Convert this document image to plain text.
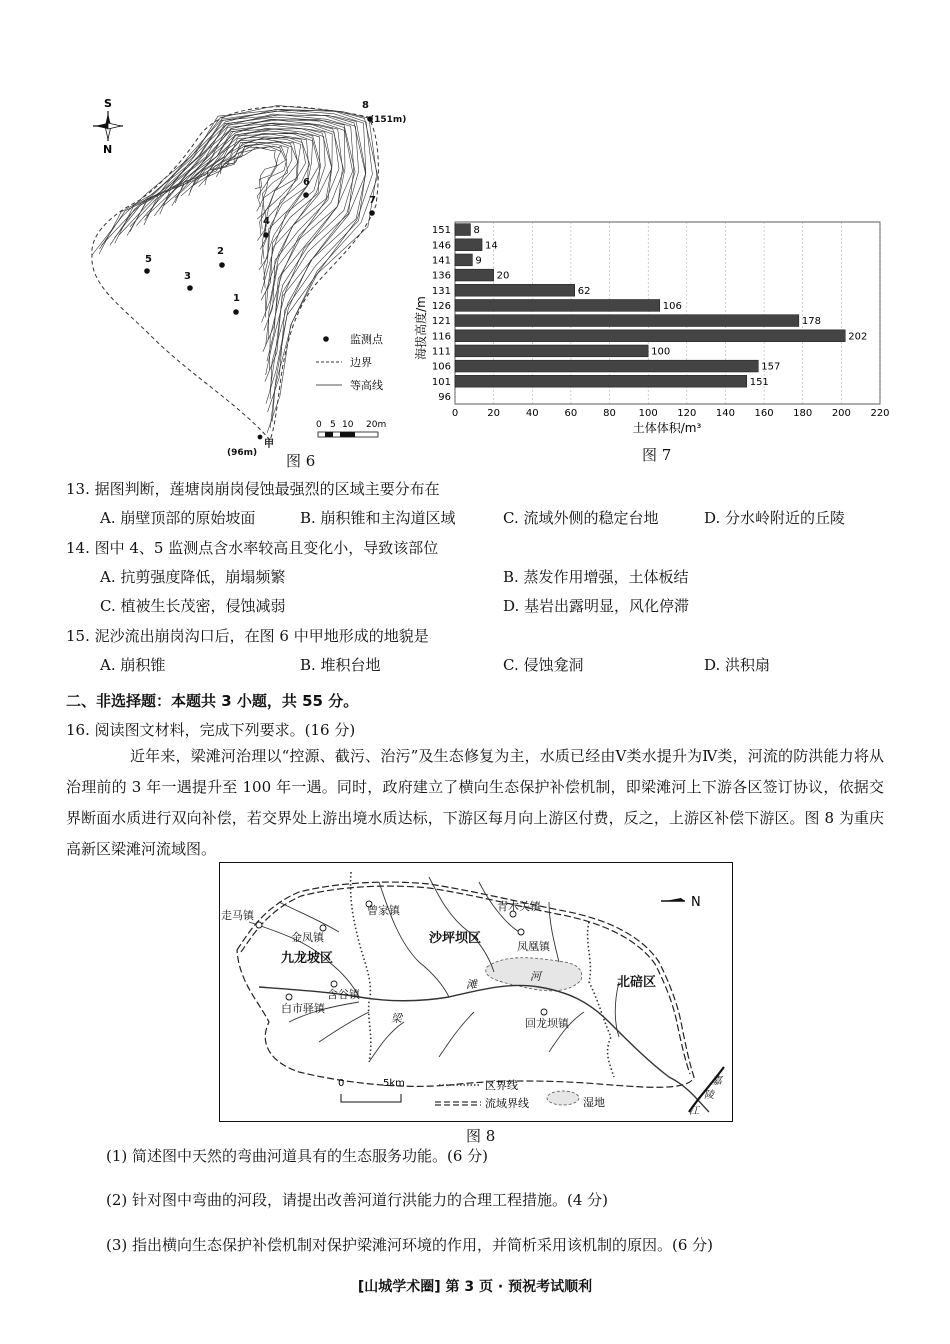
S
N
1
2
3
4
5
6
7
8
(151m)
甲
(96m)
监测点
边界
等高线
0 5 10 20m
图 6
海拔高度/m
土体体积/m³
0	20	40	60	80 100 120 140 160 180 200 220
151 8
146	14
141 9
136	20
131	62
126	106
121	178
116	202
111	100
106	157
101	151
96
图 7
13. 据图判断，莲塘岗崩岗侵蚀最强烈的区域主要分布在
A. 崩壁顶部的原始坡面	B. 崩积锥和主沟道区域	C. 流域外侧的稳定台地	D. 分水岭附近的丘陵
14. 图中 4、5 监测点含水率较高且变化小，导致该部位
A. 抗剪强度降低，崩塌频繁	B. 蒸发作用增强，土体板结
C. 植被生长茂密，侵蚀减弱	D. 基岩出露明显，风化停滞
15. 泥沙流出崩岗沟口后，在图 6 中甲地形成的地貌是
A. 崩积锥	B. 堆积台地	C. 侵蚀龛洞	D. 洪积扇
二、非选择题：本题共 3 小题，共 55 分。
16. 阅读图文材料，完成下列要求。(16 分)
近年来，梁滩河治理以“控源、截污、治污”及生态修复为主，水质已经由Ⅴ类水提升为Ⅳ类，河流的防洪能力将从治理前的 3 年一遇提升至 100 年一遇。同时，政府建立了横向生态保护补偿机制，即梁滩河上下游各区签订协议，依据交界断面水质进行双向补偿，若交界处上游出境水质达标，下游区每月向上游区付费，反之，上游区补偿下游区。图 8 为重庆高新区梁滩河流域图。
N
走马镇
金凤镇
曾家镇	青木关镇
凤凰镇
含谷镇
白市驿镇
回龙坝镇
沙坪坝区
九龙坡区
北碚区
梁
滩
河
嘉
陵
江
0	5km	区界线
流域界线	湿地
图 8
(1) 简述图中天然的弯曲河道具有的生态服务功能。(6 分)
(2) 针对图中弯曲的河段，请提出改善河道行洪能力的合理工程措施。(4 分)
(3) 指出横向生态保护补偿机制对保护梁滩河环境的作用，并简析采用该机制的原因。(6 分)
[山城学术圈] 第 3 页 · 预祝考试顺利
